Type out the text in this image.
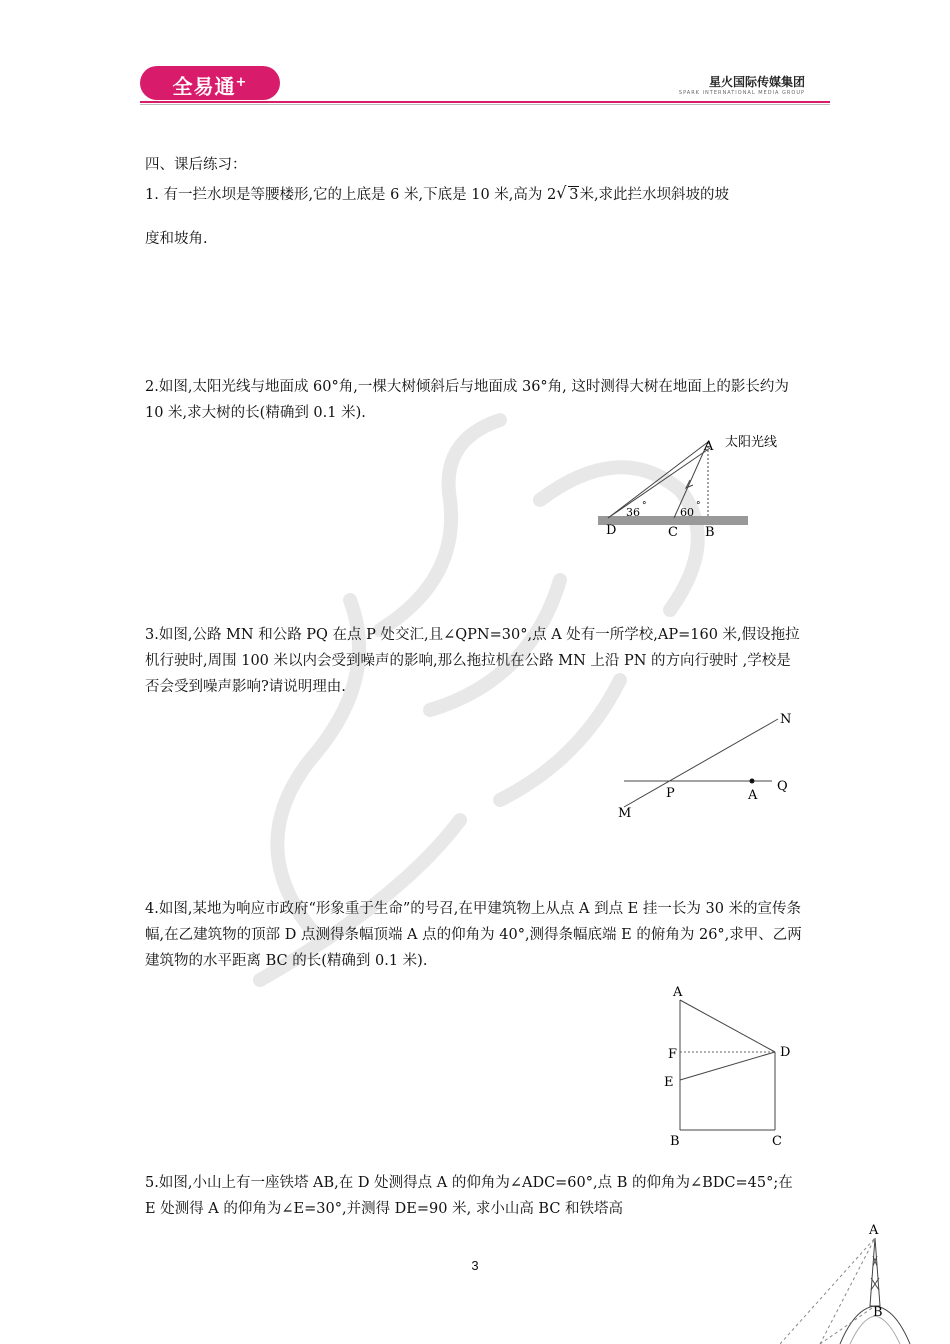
全易通+	星火国际传媒集团
SPARK INTERNATIONAL MEDIA GROUP
四、课后练习：
1. 有一拦水坝是等腰楼形,它的上底是 6 米,下底是 10 米,高为 2 √ 3米,求此拦水坝斜坡的坡
度和坡角.
2.如图,太阳光线与地面成 60°角,一棵大树倾斜后与地面成 36°角, 这时测得大树在地面上的影长约为 10 米,求大树的长(精确到 0.1 米).
A 太阳光线
36 °	60 °
D	C B
3.如图,公路 MN 和公路 PQ 在点 P 处交汇,且∠QPN=30°,点 A 处有一所学校,AP=160 米,假设拖拉机行驶时,周围 100 米以内会受到噪声的影响,那么拖拉机在公路 MN 上沿 PN 的方向行驶时 ,学校是否会受到噪声影响?请说明理由.
N
Q
P	A
M
4.如图,某地为响应市政府“形象重于生命”的号召,在甲建筑物上从点 A 到点 E 挂一长为 30 米的宣传条幅,在乙建筑物的顶部 D 点测得条幅顶端 A 点的仰角为 40°,测得条幅底端 E 的俯角为 26°,求甲、乙两建筑物的水平距离 BC 的长(精确到 0.1 米).
A
F
E
D
B	C
5.如图,小山上有一座铁塔 AB,在 D 处测得点 A 的仰角为∠ADC=60°,点 B 的仰角为∠BDC=45°;在 E 处测得 A 的仰角为∠E=30°,并测得 DE=90 米, 求小山高 BC 和铁塔高
A
B
3
